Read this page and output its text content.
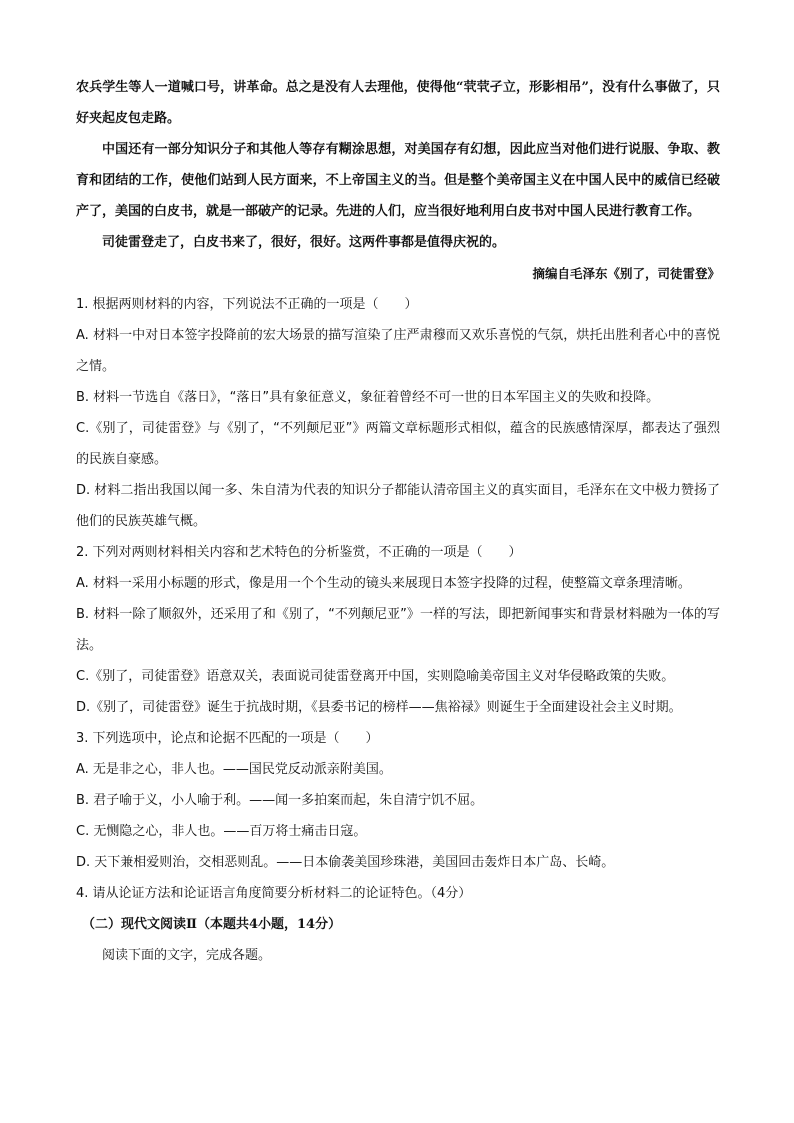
农兵学生等人一道喊口号，讲革命。总之是没有人去理他，使得他“茕茕孑立，形影相吊”，没有什么事做了，只好夹起皮包走路。

中国还有一部分知识分子和其他人等存有糊涂思想，对美国存有幻想，因此应当对他们进行说服、争取、教育和团结的工作，使他们站到人民方面来，不上帝国主义的当。但是整个美帝国主义在中国人民中的威信已经破产了，美国的白皮书，就是一部破产的记录。先进的人们，应当很好地利用白皮书对中国人民进行教育工作。

司徒雷登走了，白皮书来了，很好，很好。这两件事都是值得庆祝的。

摘编自毛泽东《别了，司徒雷登》

1. 根据两则材料的内容，下列说法不正确的一项是（　　）

A. 材料一中对日本签字投降前的宏大场景的描写渲染了庄严肃穆而又欢乐喜悦的气氛，烘托出胜利者心中的喜悦之情。

B. 材料一节选自《落日》，“落日”具有象征意义，象征着曾经不可一世的日本军国主义的失败和投降。

C.《别了，司徒雷登》与《别了，“不列颠尼亚”》两篇文章标题形式相似，蕴含的民族感情深厚，都表达了强烈的民族自豪感。

D. 材料二指出我国以闻一多、朱自清为代表的知识分子都能认清帝国主义的真实面目，毛泽东在文中极力赞扬了他们的民族英雄气概。

2. 下列对两则材料相关内容和艺术特色的分析鉴赏，不正确的一项是（　　）

A. 材料一采用小标题的形式，像是用一个个生动的镜头来展现日本签字投降的过程，使整篇文章条理清晰。

B. 材料一除了顺叙外，还采用了和《别了，“不列颠尼亚”》一样的写法，即把新闻事实和背景材料融为一体的写法。

C.《别了，司徒雷登》语意双关，表面说司徒雷登离开中国，实则隐喻美帝国主义对华侵略政策的失败。

D.《别了，司徒雷登》诞生于抗战时期，《县委书记的榜样——焦裕禄》则诞生于全面建设社会主义时期。

3. 下列选项中，论点和论据不匹配的一项是（　　）

A. 无是非之心，非人也。——国民党反动派亲附美国。

B. 君子喻于义，小人喻于利。——闻一多拍案而起，朱自清宁饥不屈。

C. 无恻隐之心，非人也。——百万将士痛击日寇。

D. 天下兼相爱则治，交相恶则乱。——日本偷袭美国珍珠港，美国回击轰炸日本广岛、长崎。

4. 请从论证方法和论证语言角度简要分析材料二的论证特色。（4分）

（二）现代文阅读Ⅱ（本题共4小题，14分）

阅读下面的文字，完成各题。
